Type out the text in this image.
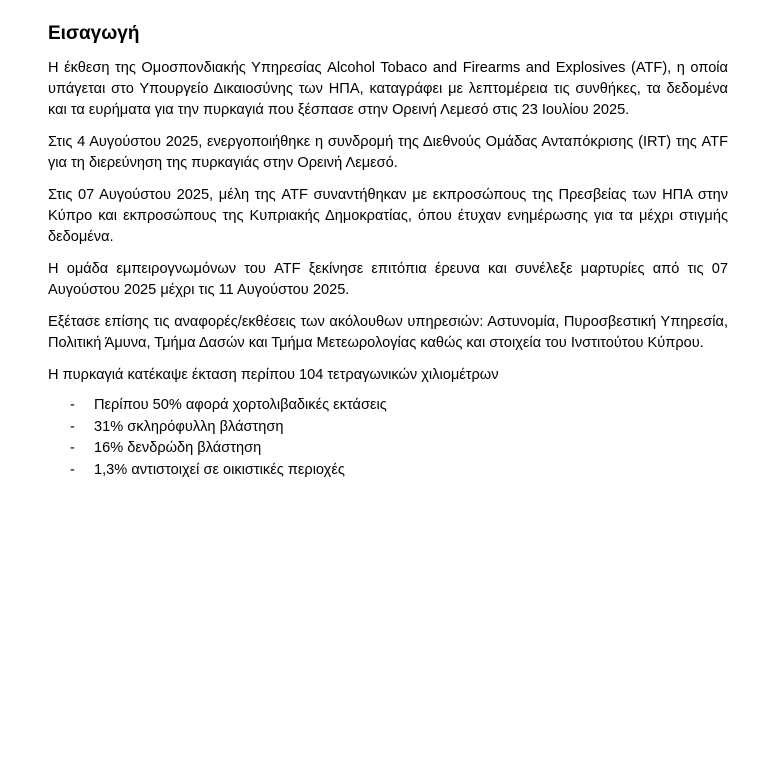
Εισαγωγή

Η έκθεση της Ομοσπονδιακής Υπηρεσίας Alcohol Tobaco and Firearms and Explosives (ATF), η οποία υπάγεται στο Υπουργείο Δικαιοσύνης των ΗΠΑ, καταγράφει με λεπτομέρεια τις συνθήκες, τα δεδομένα και τα ευρήματα για την πυρκαγιά που ξέσπασε στην Ορεινή Λεμεσό στις 23 Ιουλίου 2025.

Στις 4 Αυγούστου 2025, ενεργοποιήθηκε η συνδρομή της Διεθνούς Ομάδας Ανταπόκρισης (IRT) της ATF για τη διερεύνηση της πυρκαγιάς στην Ορεινή Λεμεσό.

Στις 07 Αυγούστου 2025, μέλη της ATF συναντήθηκαν με εκπροσώπους της Πρεσβείας των ΗΠΑ στην Κύπρο και εκπροσώπους της Κυπριακής Δημοκρατίας, όπου έτυχαν ενημέρωσης για τα μέχρι στιγμής δεδομένα.

Η ομάδα εμπειρογνωμόνων του ATF ξεκίνησε επιτόπια έρευνα και συνέλεξε μαρτυρίες από τις 07 Αυγούστου 2025 μέχρι τις 11 Αυγούστου 2025.

Εξέτασε επίσης τις αναφορές/εκθέσεις των ακόλουθων υπηρεσιών: Αστυνομία, Πυροσβεστική Υπηρεσία, Πολιτική Άμυνα, Τμήμα Δασών και Τμήμα Μετεωρολογίας καθώς και στοιχεία του Ινστιτούτου Κύπρου.

Η πυρκαγιά κατέκαψε έκταση περίπου 104 τετραγωνικών χιλιομέτρων

-	Περίπου 50% αφορά χορτολιβαδικές εκτάσεις
-	31% σκληρόφυλλη βλάστηση
-	16% δενδρώδη βλάστηση
-	1,3% αντιστοιχεί σε οικιστικές περιοχές
